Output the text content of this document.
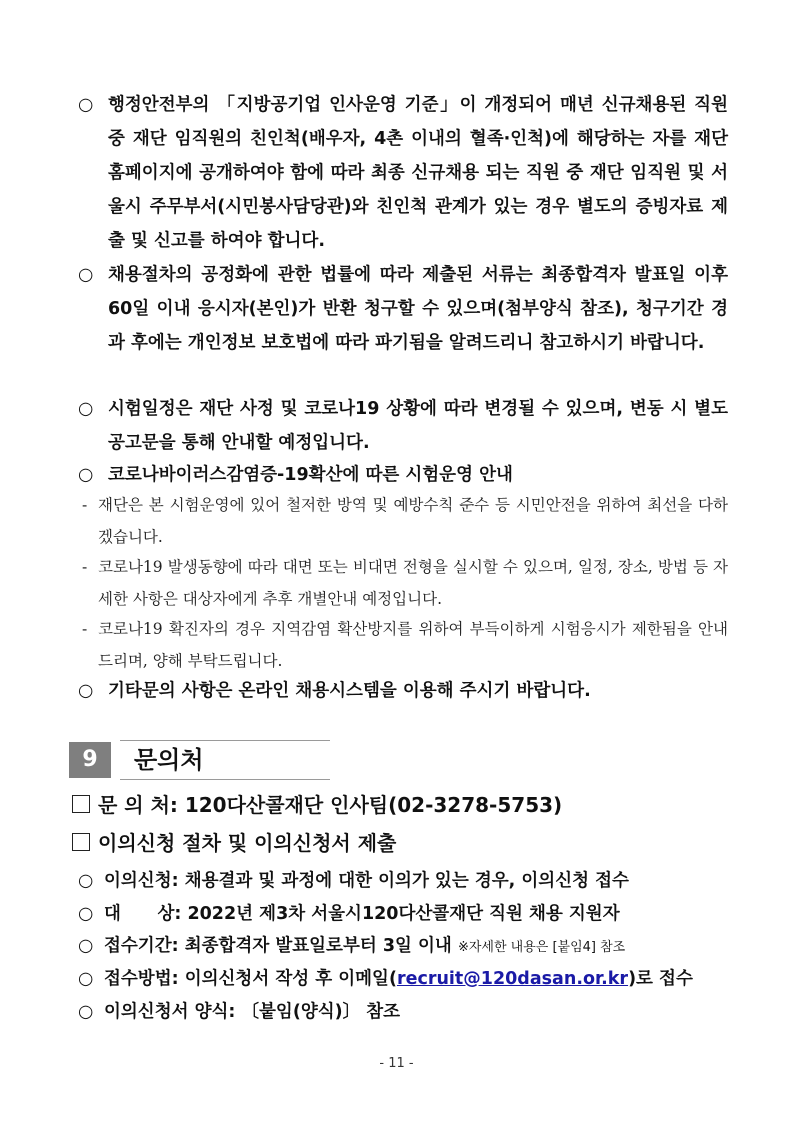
○ 행정안전부의 「지방공기업 인사운영 기준」이 개정되어 매년 신규채용된 직원 중 재단 임직원의 친인척(배우자, 4촌 이내의 혈족·인척)에 해당하는 자를 재단 홈페이지에 공개하여야 함에 따라 최종 신규채용 되는 직원 중 재단 임직원 및 서울시 주무부서(시민봉사담당관)와 친인척 관계가 있는 경우 별도의 증빙자료 제출 및 신고를 하여야 합니다.
○ 채용절차의 공정화에 관한 법률에 따라 제출된 서류는 최종합격자 발표일 이후 60일 이내 응시자(본인)가 반환 청구할 수 있으며(첨부양식 참조), 청구기간 경과 후에는 개인정보 보호법에 따라 파기됨을 알려드리니 참고하시기 바랍니다.
○ 시험일정은 재단 사정 및 코로나19 상황에 따라 변경될 수 있으며, 변동 시 별도 공고문을 통해 안내할 예정입니다.
○ 코로나바이러스감염증-19확산에 따른 시험운영 안내
- 재단은 본 시험운영에 있어 철저한 방역 및 예방수칙 준수 등 시민안전을 위하여 최선을 다하겠습니다.
- 코로나19 발생동향에 따라 대면 또는 비대면 전형을 실시할 수 있으며, 일정, 장소, 방법 등 자세한 사항은 대상자에게 추후 개별안내 예정입니다.
- 코로나19 확진자의 경우 지역감염 확산방지를 위하여 부득이하게 시험응시가 제한됨을 안내드리며, 양해 부탁드립니다.
○ 기타문의 사항은 온라인 채용시스템을 이용해 주시기 바랍니다.
9	문의처
문 의 처: 120다산콜재단 인사팀(02-3278-5753)
이의신청 절차 및 이의신청서 제출
○ 이의신청: 채용결과 및 과정에 대한 이의가 있는 경우, 이의신청 접수
○ 대      상: 2022년 제3차 서울시120다산콜재단 직원 채용 지원자
○ 접수기간: 최종합격자 발표일로부터 3일 이내 ※자세한 내용은 [붙임4] 참조
○ 접수방법: 이의신청서 작성 후 이메일(recruit@120dasan.or.kr)로 접수
○ 이의신청서 양식: 〔붙임(양식)〕 참조
- 11 -
